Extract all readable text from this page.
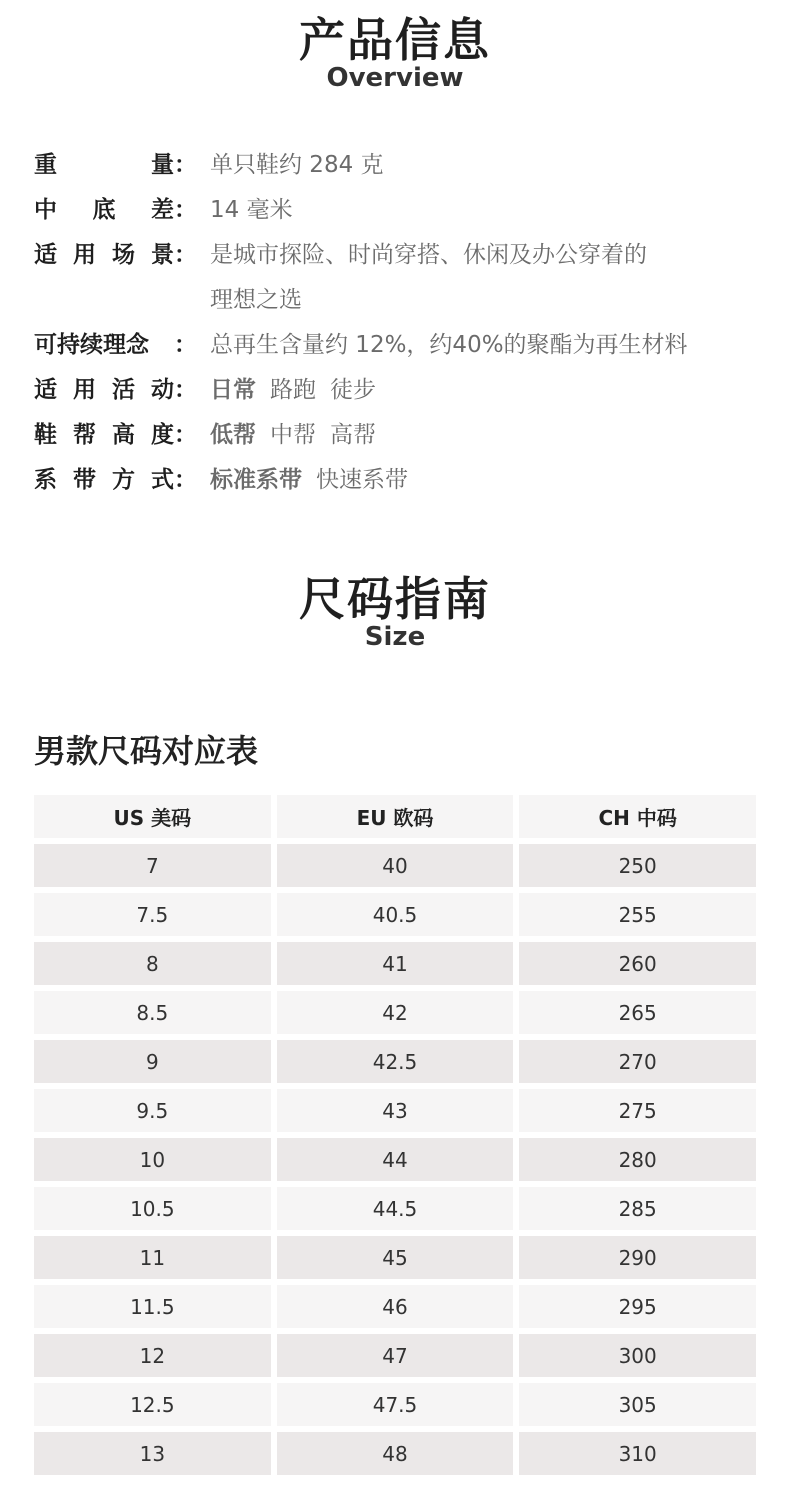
产品信息
Overview
重	量 ： 单只鞋约 284 克
中 底 差 ： 14 毫米
适 用 场 景 ： 是城市探险、时尚穿搭、休闲及办公穿着的
理想之选
可持续理念 ： 总再生含量约 12%，约40%的聚酯为再生材料
适 用 活 动 ： 日常 路跑 徒步
鞋 帮 高 度 ： 低帮 中帮 高帮
系 带 方 式 ： 标准系带 快速系带
尺码指南
Size
男款尺码对应表
US 美码	EU 欧码	CH 中码
7	40	250
7.5	40.5	255
8	41	260
8.5	42	265
9	42.5	270
9.5	43	275
10	44	280
10.5	44.5	285
11	45	290
11.5	46	295
12	47	300
12.5	47.5	305
13	48	310
